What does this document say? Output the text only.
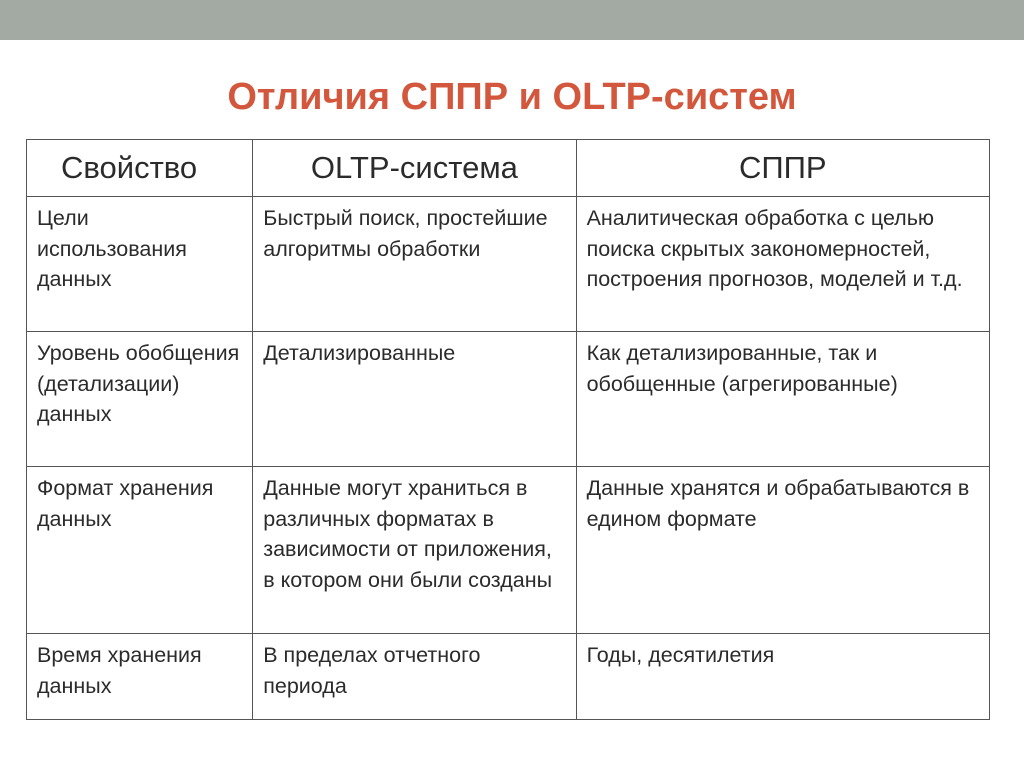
Отличия СППР и OLTP-систем
Свойство	OLTP-система	СППР
Цели использования данных	Быстрый поиск, простейшие алгоритмы обработки	Аналитическая обработка с целью поиска скрытых закономерностей, построения прогнозов, моделей и т.д.
Уровень обобщения (детализации) данных	Детализированные	Как детализированные, так и обобщенные (агрегированные)
Формат хранения данных	Данные могут храниться в различных форматах в зависимости от приложения, в котором они были созданы	Данные хранятся и обрабатываются в едином формате
Время хранения данных	В пределах отчетного периода	Годы, десятилетия
